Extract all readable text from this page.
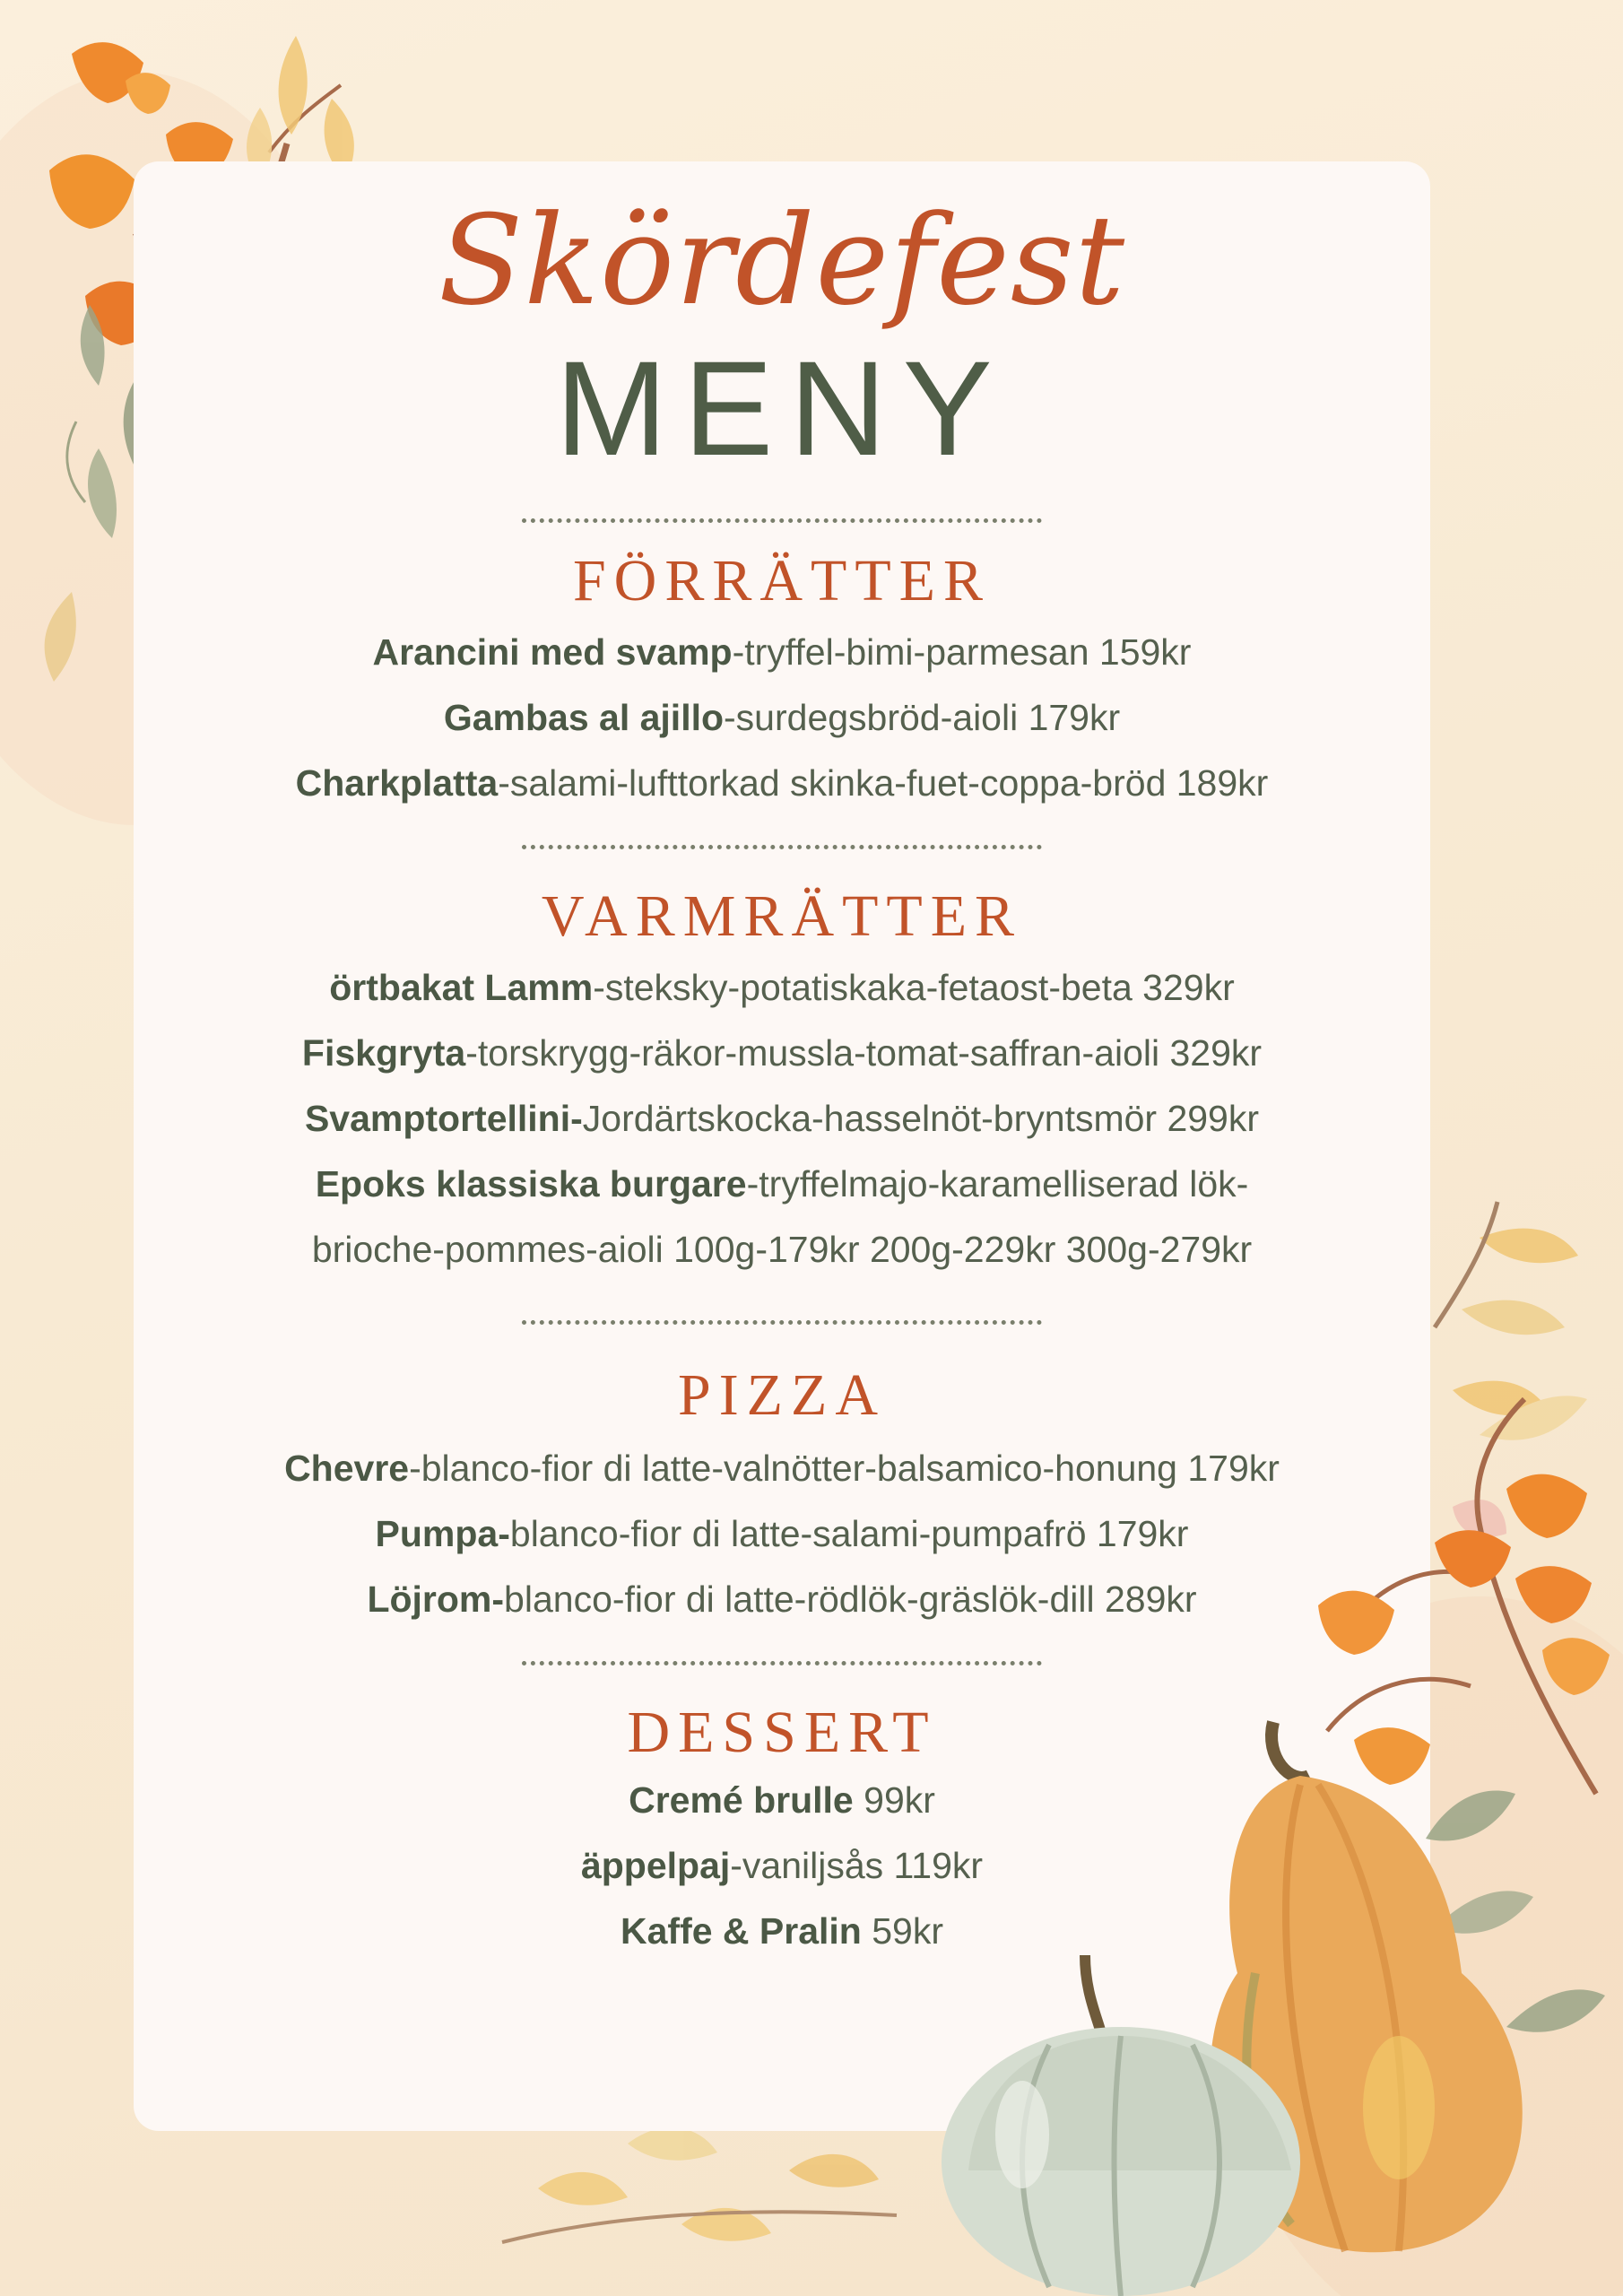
Skördefest
MENY
FÖRRÄTTER
Arancini med svamp-tryffel-bimi-parmesan 159kr
Gambas al ajillo-surdegsbröd-aioli 179kr
Charkplatta-salami-lufttorkad skinka-fuet-coppa-bröd 189kr
VARMRÄTTER
örtbakat Lamm-steksky-potatiskaka-fetaost-beta 329kr
Fiskgryta-torskrygg-räkor-mussla-tomat-saffran-aioli 329kr
Svamptortellini-Jordärtskocka-hasselnöt-bryntsmör 299kr
Epoks klassiska burgare-tryffelmajo-karamelliserad lök-
brioche-pommes-aioli 100g-179kr 200g-229kr 300g-279kr
PIZZA
Chevre-blanco-fior di latte-valnötter-balsamico-honung 179kr
Pumpa-blanco-fior di latte-salami-pumpafrö 179kr
Löjrom-blanco-fior di latte-rödlök-gräslök-dill 289kr
DESSERT
Cremé brulle 99kr
äppelpaj-vaniljsås 119kr
Kaffe & Pralin 59kr
